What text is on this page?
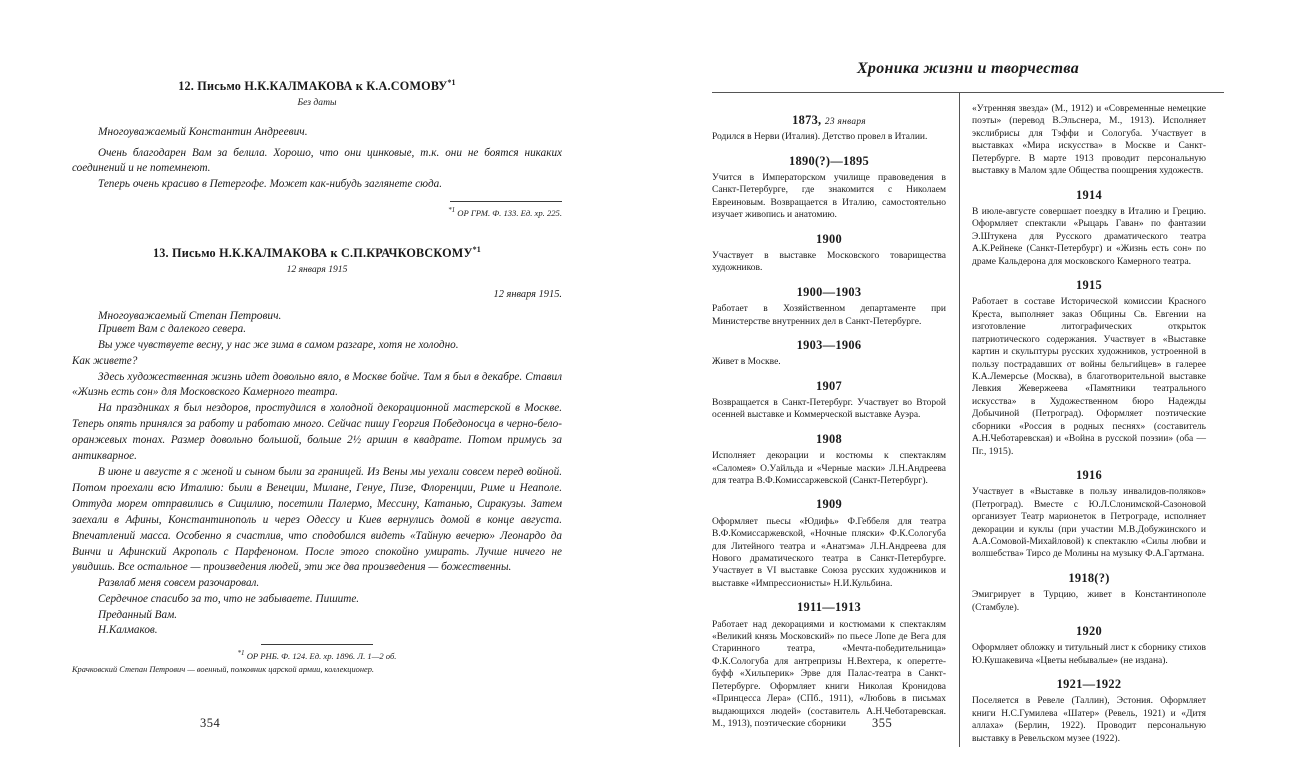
12. Письмо Н.К.КАЛМАКОВА к К.А.СОМОВУ$^{*1}$
Без даты
Многоуважаемый Константин Андреевич.
Очень благодарен Вам за белила. Хорошо, что они цинковые, т.к. они не боятся никаких соединений и не потемнеют.
Теперь очень красиво в Петергофе. Может как-нибудь заглянете сюда.
$^{*1}$ ОР ГРМ. Ф. 133. Ед. хр. 225.
13. Письмо Н.К.КАЛМАКОВА к С.П.КРАЧКОВСКОМУ$^{*1}$
12 января 1915
12 января 1915.
Многоуважаемый Степан Петрович.
Привет Вам с далекого севера.
Вы уже чувствуете весну, у нас же зима в самом разгаре, хотя не холодно.
Как живете?
Здесь художественная жизнь идет довольно вяло, в Москве бойче. Там я был в декабре. Ставил «Жизнь есть сон» для Московского Камерного театра.
На праздниках я был нездоров, простудился в холодной декорационной мастерской в Москве. Теперь опять принялся за работу и работаю много. Сейчас пишу Георгия Победоносца в черно-бело-оранжевых тонах. Размер довольно большой, больше 2½ аршин в квадрате. Потом примусь за антикварное.
В июне и августе я с женой и сыном были за границей. Из Вены мы уехали совсем перед войной. Потом проехали всю Италию: были в Венеции, Милане, Генуе, Пизе, Флоренции, Риме и Неаполе. Оттуда морем отправились в Сицилию, посетили Палермо, Мессину, Катанью, Сиракузы. Затем заехали в Афины, Константинополь и через Одессу и Киев вернулись домой в конце августа. Впечатлений масса. Особенно я счастлив, что сподобился видеть «Тайную вечерю» Леонардо да Винчи и Афинский Акрополь с Парфеноном. После этого спокойно умирать. Лучше ничего не увидишь. Все остальное — произведения людей, эти же два произведения — божественны.
Развлаб меня совсем разочаровал.
Сердечное спасибо за то, что не забываете. Пишите.
Преданный Вам.
Н.Калмаков.
$^{*1}$ ОР РНБ. Ф. 124. Ед. хр. 1896. Л. 1—2 об.
Крачковский Степан Петрович — военный, полковник царской армии, коллекционер.
354
Хроника жизни и творчества
1873, 23 января
Родился в Нерви (Италия). Детство провел в Италии.
1890(?)—1895
Учится в Императорском училище правоведения в Санкт-Петербурге, где знакомится с Николаем Евреиновым. Возвращается в Италию, самостоятельно изучает живопись и анатомию.
1900
Участвует в выставке Московского товарищества художников.
1900—1903
Работает в Хозяйственном департаменте при Министерстве внутренних дел в Санкт-Петербурге.
1903—1906
Живет в Москве.
1907
Возвращается в Санкт-Петербург. Участвует во Второй осенней выставке и Коммерческой выставке Ауэра.
1908
Исполняет декорации и костюмы к спектаклям «Саломея» О.Уайльда и «Черные маски» Л.Н.Андреева для театра В.Ф.Комиссаржевской (Санкт-Петербург).
1909
Оформляет пьесы «Юдифь» Ф.Геббеля для театра В.Ф.Комиссаржевской, «Ночные пляски» Ф.К.Сологуба для Литейного театра и «Анатэма» Л.Н.Андреева для Нового драматического театра в Санкт-Петербурге. Участвует в VI выставке Союза русских художников и выставке «Импрессионисты» Н.И.Кульбина.
1911—1913
Работает над декорациями и костюмами к спектаклям «Великий князь Московский» по пьесе Лопе де Вега для Старинного театра, «Мечта-победительница» Ф.К.Сологуба для антрепризы Н.Вехтера, к оперетте-буфф «Хильперик» Эрве для Палас-театра в Санкт-Петербурге. Оформляет книги Николая Кронидова «Принцесса Лера» (СПб., 1911), «Любовь в письмах выдающихся людей» (составитель А.Н.Чеботаревская. М., 1913), поэтические сборники
«Утренняя звезда» (М., 1912) и «Современные немецкие поэты» (перевод В.Эльснера, М., 1913). Исполняет экслибрисы для Тэффи и Сологуба. Участвует в выставках «Мира искусства» в Москве и Санкт-Петербурге. В марте 1913 проводит персональную выставку в Малом здле Общества поощрения художеств.
1914
В июле-августе совершает поездку в Италию и Грецию. Оформляет спектакли «Рыцарь Гаван» по фантазии Э.Штукена для Русского драматического театра А.К.Рейнеке (Санкт-Петербург) и «Жизнь есть сон» по драме Кальдерона для московского Камерного театра.
1915
Работает в составе Исторической комиссии Красного Креста, выполняет заказ Общины Св. Евгении на изготовление литографических открыток патриотического содержания. Участвует в «Выставке картин и скульптуры русских художников, устроенной в пользу пострадавших от войны бельгийцев» в галерее К.А.Лемерсье (Москва), в благотворительной выставке Левкия Жевержеева «Памятники театрального искусства» в Художественном бюро Надежды Добычиной (Петроград). Оформляет поэтические сборники «Россия в родных песнях» (составитель А.Н.Чеботаревская) и «Война в русской поэзии» (оба — Пг., 1915).
1916
Участвует в «Выставке в пользу инвалидов-поляков» (Петроград). Вместе с Ю.Л.Слонимской-Сазоновой организует Театр марионеток в Петрограде, исполняет декорации и куклы (при участии М.В.Добужинского и А.А.Сомовой-Михайловой) к спектаклю «Силы любви и волшебства» Тирсо де Молины на музыку Ф.А.Гартмана.
1918(?)
Эмигрирует в Турцию, живет в Константинополе (Стамбуле).
1920
Оформляет обложку и титульный лист к сборнику стихов Ю.Кушакевича «Цветы небывалые» (не издана).
1921—1922
Поселяется в Ревеле (Таллин), Эстония. Оформляет книги Н.С.Гумилева «Шатер» (Ревель, 1921) и «Дитя аллаха» (Берлин, 1922). Проводит персональную выставку в Ревельском музее (1922).
355
